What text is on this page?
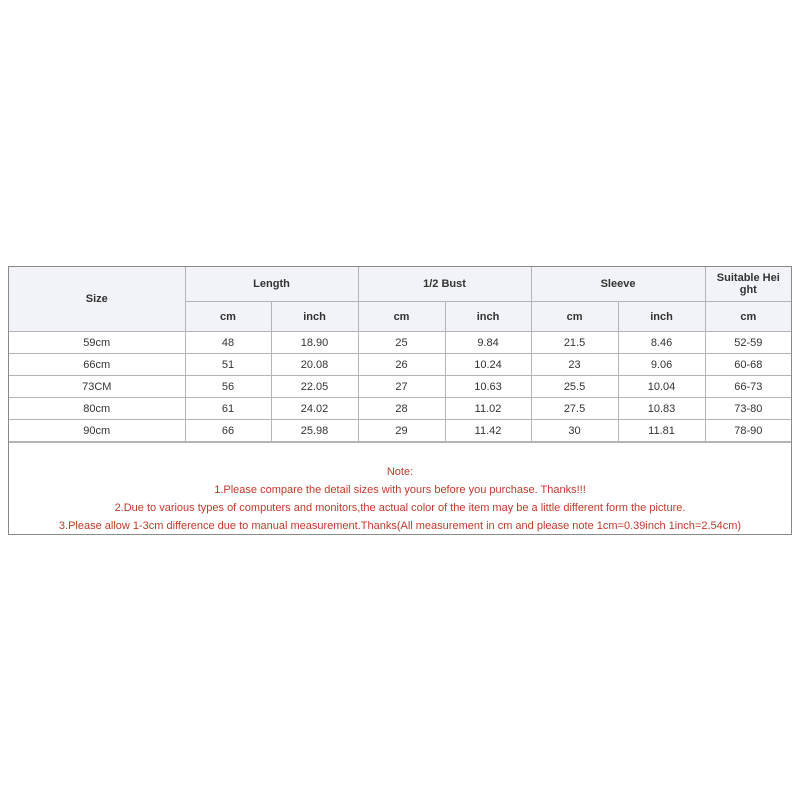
Size	Length		1/2 Bust		Sleeve		Suitable Hei ght
	cm	inch	cm	inch	cm	inch	cm
59cm	48	18.90	25	9.84	21.5	8.46	52-59
66cm	51	20.08	26	10.24	23	9.06	60-68
73CM	56	22.05	27	10.63	25.5	10.04	66-73
80cm	61	24.02	28	11.02	27.5	10.83	73-80
90cm	66	25.98	29	11.42	30	11.81	78-90
Note:
1.Please compare the detail sizes with yours before you purchase. Thanks!!!
2.Due to various types of computers and monitors,the actual color of the item may be a little different form the picture.
3.Please allow 1-3cm difference due to manual measurement.Thanks(All measurement in cm and please note 1cm=0.39inch 1inch=2.54cm)
